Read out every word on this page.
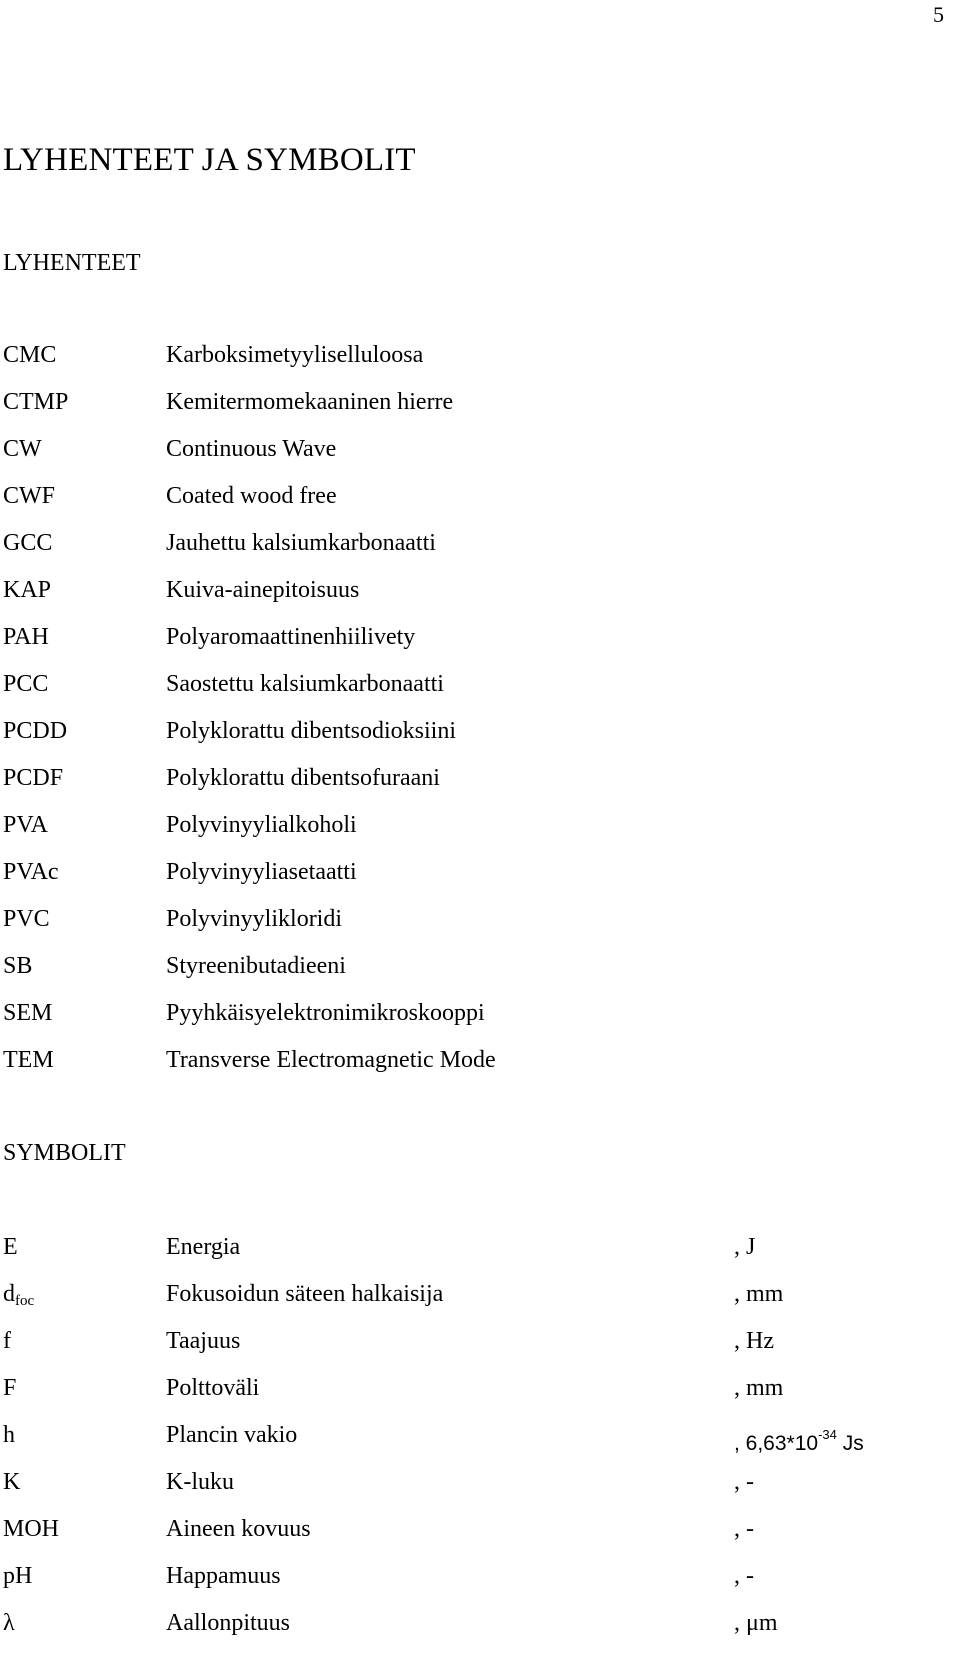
5
LYHENTEET JA SYMBOLIT
LYHENTEET
CMC	Karboksimetyyliselluloosa
CTMP	Kemitermomekaaninen hierre
CW	Continuous Wave
CWF	Coated wood free
GCC	Jauhettu kalsiumkarbonaatti
KAP	Kuiva-ainepitoisuus
PAH	Polyaromaattinenhiilivety
PCC	Saostettu kalsiumkarbonaatti
PCDD	Polyklorattu dibentsodioksiini
PCDF	Polyklorattu dibentsofuraani
PVA	Polyvinyylialkoholi
PVAc	Polyvinyyliasetaatti
PVC	Polyvinyylikloridi
SB	Styreenibutadieeni
SEM	Pyyhkäisyelektronimikroskooppi
TEM	Transverse Electromagnetic Mode
SYMBOLIT
E	Energia	, J
$d_{foc}$	Fokusoidun säteen halkaisija	, mm
f	Taajuus	, Hz
F	Polttoväli	, mm
h	Plancin vakio	, $6,63*10^{-34}$ Js
K	K-luku	, -
MOH	Aineen kovuus	, -
pH	Happamuus	, -
λ	Aallonpituus	, μm
